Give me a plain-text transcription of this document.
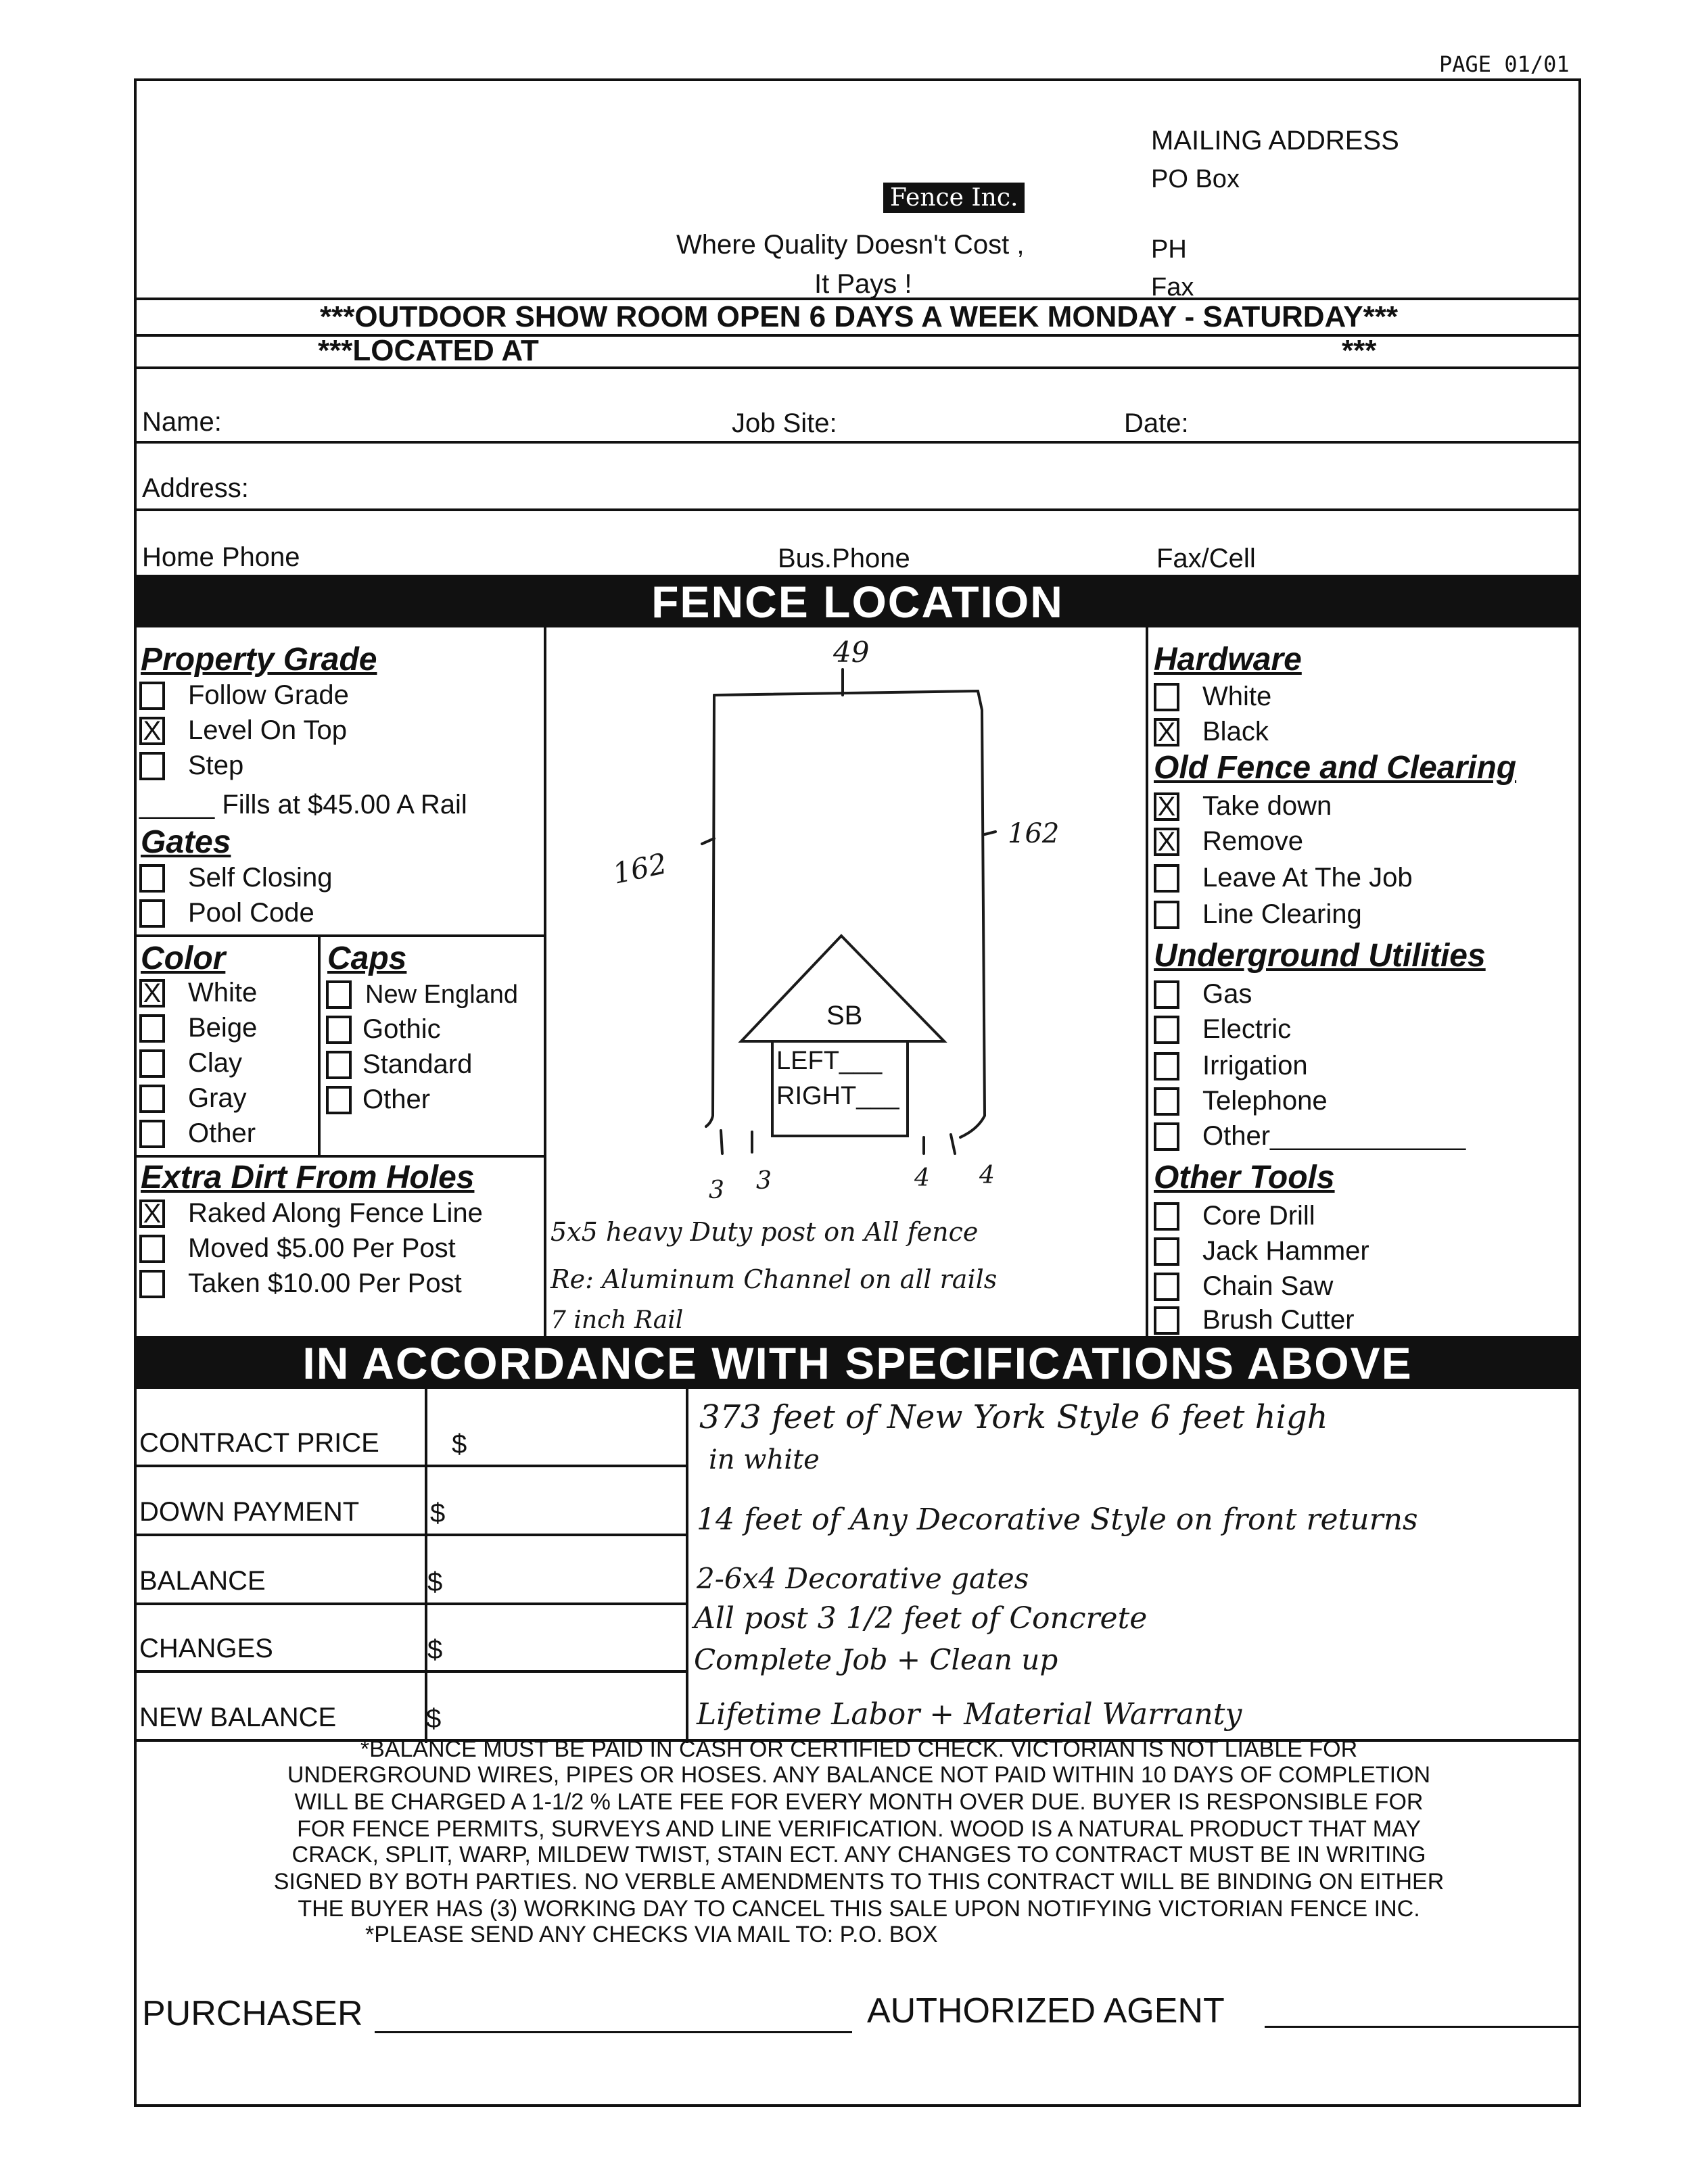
PAGE 01/01
Fence Inc.
Where Quality Doesn't Cost ,
It Pays !
MAILING ADDRESS
PO Box
PH
Fax
***OUTDOOR SHOW ROOM OPEN 6 DAYS A WEEK MONDAY - SATURDAY***
***LOCATED AT	***
Name:	Job Site:	Date:
Address:
Home Phone	Bus.Phone	Fax/Cell
FENCE LOCATION
Property Grade
Follow Grade
X Level On Top
Step
_____ Fills at $45.00 A Rail
Gates
Self Closing
Pool Code
Color
X White
Beige
Clay
Gray
Other
Caps
New England
Gothic
Standard
Other
Extra Dirt From Holes
X Raked Along Fence Line
Moved $5.00 Per Post
Taken $10.00 Per Post
Hardware
White
X Black
Old Fence and Clearing
X Take down
X Remove
Leave At The Job
Line Clearing
Underground Utilities
Gas
Electric
Irrigation
Telephone
Other_____________
Other Tools
Core Drill
Jack Hammer
Chain Saw
Brush Cutter
49
162
162
SB
LEFT___
RIGHT___
3 3	4 4
5x5 heavy Duty post on All fence
Re: Aluminum Channel on all rails
7 inch Rail
IN ACCORDANCE WITH SPECIFICATIONS ABOVE
CONTRACT PRICE	$
DOWN PAYMENT	$
BALANCE	$
CHANGES	$
NEW BALANCE	$
373 feet of New York Style 6 feet high
in white
14 feet of Any Decorative Style on front returns
2-6x4 Decorative gates
All post 3 1/2 feet of Concrete
Complete Job + Clean up
Lifetime Labor + Material Warranty
*BALANCE MUST BE PAID IN CASH OR CERTIFIED CHECK. VICTORIAN IS NOT LIABLE FOR
UNDERGROUND WIRES, PIPES OR HOSES. ANY BALANCE NOT PAID WITHIN 10 DAYS OF COMPLETION
WILL BE CHARGED A 1-1/2 % LATE FEE FOR EVERY MONTH OVER DUE. BUYER IS RESPONSIBLE FOR
FOR FENCE PERMITS, SURVEYS AND LINE VERIFICATION. WOOD IS A NATURAL PRODUCT THAT MAY
CRACK, SPLIT, WARP, MILDEW TWIST, STAIN ECT. ANY CHANGES TO CONTRACT MUST BE IN WRITING
SIGNED BY BOTH PARTIES. NO VERBLE AMENDMENTS TO THIS CONTRACT WILL BE BINDING ON EITHER
THE BUYER HAS (3) WORKING DAY TO CANCEL THIS SALE UPON NOTIFYING VICTORIAN FENCE INC.
*PLEASE SEND ANY CHECKS VIA MAIL TO: P.O. BOX
PURCHASER	AUTHORIZED AGENT
